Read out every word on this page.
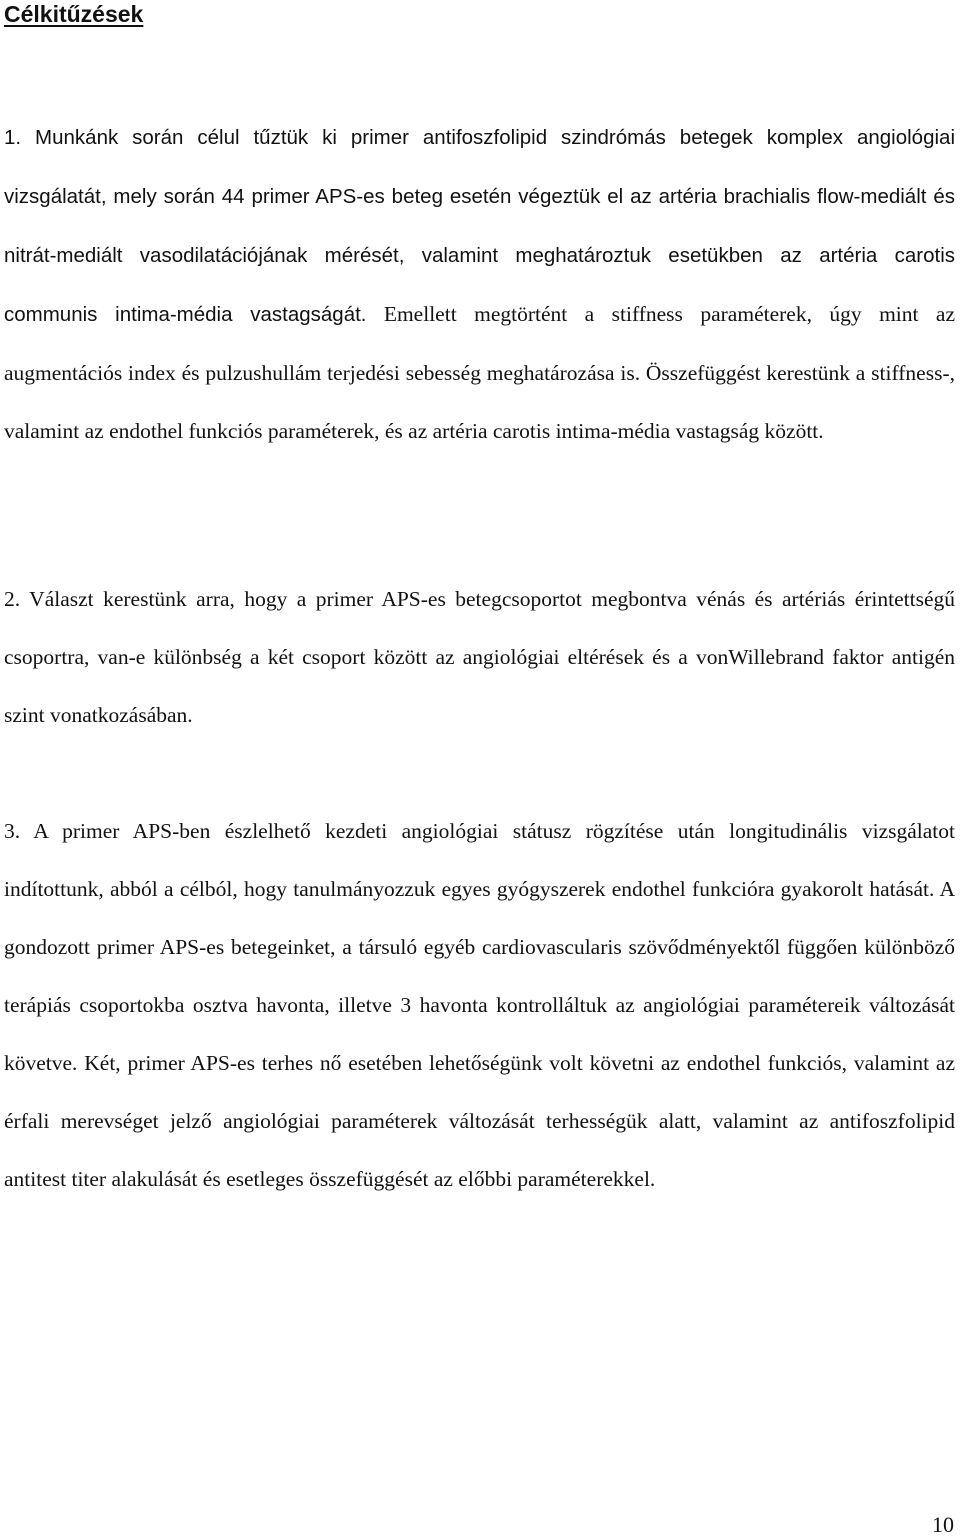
Célkitűzések

1. Munkánk során célul tűztük ki primer antifoszfolipid szindrómás betegek komplex angiológiai vizsgálatát, mely során 44 primer APS-es beteg esetén végeztük el az artéria brachialis flow-mediált és nitrát-mediált vasodilatációjának mérését, valamint meghatároztuk esetükben az artéria carotis communis intima-média vastagságát. Emellett megtörtént a stiffness paraméterek, úgy mint az augmentációs index és pulzushullám terjedési sebesség meghatározása is. Összefüggést kerestünk a stiffness-, valamint az endothel funkciós paraméterek, és az artéria carotis intima-média vastagság között.

2. Választ kerestünk arra, hogy a primer APS-es betegcsoportot megbontva vénás és artériás érintettségű csoportra, van-e különbség a két csoport között az angiológiai eltérések és a vonWillebrand faktor antigén szint vonatkozásában.

3. A primer APS-ben észlelhető kezdeti angiológiai státusz rögzítése után longitudinális vizsgálatot indítottunk, abból a célból, hogy tanulmányozzuk egyes gyógyszerek endothel funkcióra gyakorolt hatását. A gondozott primer APS-es betegeinket, a társuló egyéb cardiovascularis szövődményektől függően különböző terápiás csoportokba osztva havonta, illetve 3 havonta kontrolláltuk az angiológiai paramétereik változását követve. Két, primer APS-es terhes nő esetében lehetőségünk volt követni az endothel funkciós, valamint az érfali merevséget jelző angiológiai paraméterek változását terhességük alatt, valamint az antifoszfolipid antitest titer alakulását és esetleges összefüggését az előbbi paraméterekkel.

10
